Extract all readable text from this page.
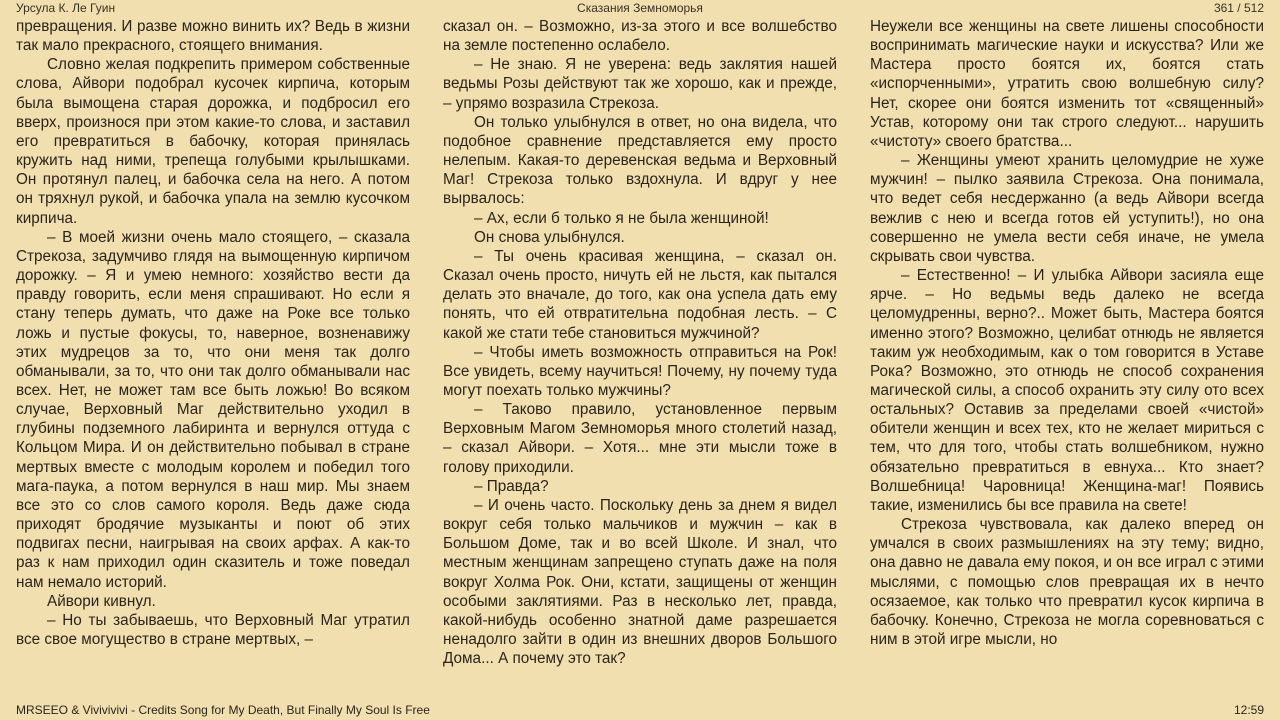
Урсула К. Ле Гуин	Сказания Земноморья	361 / 512

превращения. И разве можно винить их? Ведь в жизни так мало прекрасного, стоящего внимания.

Словно желая подкрепить примером собственные слова, Айвори подобрал кусочек кирпича, которым была вымощена старая дорожка, и подбросил его вверх, произнося при этом какие-то слова, и заставил его превратиться в бабочку, которая принялась кружить над ними, трепеща голубыми крылышками. Он протянул палец, и бабочка села на него. А потом он тряхнул рукой, и бабочка упала на землю кусочком кирпича.

– В моей жизни очень мало стоящего, – сказала Стрекоза, задумчиво глядя на вымощенную кирпичом дорожку. – Я и умею немного: хозяйство вести да правду говорить, если меня спрашивают. Но если я стану теперь думать, что даже на Роке все только ложь и пустые фокусы, то, наверное, возненавижу этих мудрецов за то, что они меня так долго обманывали, за то, что они так долго обманывали нас всех. Нет, не может там все быть ложью! Во всяком случае, Верховный Маг действительно уходил в глубины подземного лабиринта и вернулся оттуда с Кольцом Мира. И он действительно побывал в стране мертвых вместе с молодым королем и победил того мага-паука, а потом вернулся в наш мир. Мы знаем все это со слов самого короля. Ведь даже сюда приходят бродячие музыканты и поют об этих подвигах песни, наигрывая на своих арфах. А как-то раз к нам приходил один сказитель и тоже поведал нам немало историй.

Айвори кивнул.

– Но ты забываешь, что Верховный Маг утратил все свое могущество в стране мертвых, –

сказал он. – Возможно, из-за этого и все волшебство на земле постепенно ослабело.

– Не знаю. Я не уверена: ведь заклятия нашей ведьмы Розы действуют так же хорошо, как и прежде, – упрямо возразила Стрекоза.

Он только улыбнулся в ответ, но она видела, что подобное сравнение представляется ему просто нелепым. Какая-то деревенская ведьма и Верховный Маг! Стрекоза только вздохнула. И вдруг у нее вырвалось:

– Ах, если б только я не была женщиной!

Он снова улыбнулся.

– Ты очень красивая женщина, – сказал он. Сказал очень просто, ничуть ей не льстя, как пытался делать это вначале, до того, как она успела дать ему понять, что ей отвратительна подобная лесть. – С какой же стати тебе становиться мужчиной?

– Чтобы иметь возможность отправиться на Рок! Все увидеть, всему научиться! Почему, ну почему туда могут поехать только мужчины?

– Таково правило, установленное первым Верховным Магом Земноморья много столетий назад, – сказал Айвори. – Хотя... мне эти мысли тоже в голову приходили.

– Правда?

– И очень часто. Поскольку день за днем я видел вокруг себя только мальчиков и мужчин – как в Большом Доме, так и во всей Школе. И знал, что местным женщинам запрещено ступать даже на поля вокруг Холма Рок. Они, кстати, защищены от женщин особыми заклятиями. Раз в несколько лет, правда, какой-нибудь особенно знатной даме разрешается ненадолго зайти в один из внешних дворов Большого Дома... А почему это так?

Неужели все женщины на свете лишены способности воспринимать магические науки и искусства? Или же Мастера просто боятся их, боятся стать «испорченными», утратить свою волшебную силу? Нет, скорее они боятся изменить тот «священный» Устав, которому они так строго следуют... нарушить «чистоту» своего братства...

– Женщины умеют хранить целомудрие не хуже мужчин! – пылко заявила Стрекоза. Она понимала, что ведет себя несдержанно (а ведь Айвори всегда вежлив с нею и всегда готов ей уступить!), но она совершенно не умела вести себя иначе, не умела скрывать свои чувства.

– Естественно! – И улыбка Айвори засияла еще ярче. – Но ведьмы ведь далеко не всегда целомудренны, верно?.. Может быть, Мастера боятся именно этого? Возможно, целибат отнюдь не является таким уж необходимым, как о том говорится в Уставе Рока? Возможно, это отнюдь не способ сохранения магической силы, а способ охранить эту силу ото всех остальных? Оставив за пределами своей «чистой» обители женщин и всех тех, кто не желает мириться с тем, что для того, чтобы стать волшебником, нужно обязательно превратиться в евнуха... Кто знает? Волшебница! Чаровница! Женщина-маг! Появись такие, изменились бы все правила на свете!

Стрекоза чувствовала, как далеко вперед он умчался в своих размышлениях на эту тему; видно, она давно не давала ему покоя, и он все играл с этими мыслями, с помощью слов превращая их в нечто осязаемое, как только что превратил кусок кирпича в бабочку. Конечно, Стрекоза не могла соревноваться с ним в этой игре мысли, но

MRSEEO & Vivivivivi - Credits Song for My Death, But Finally My Soul Is Free	12:59
